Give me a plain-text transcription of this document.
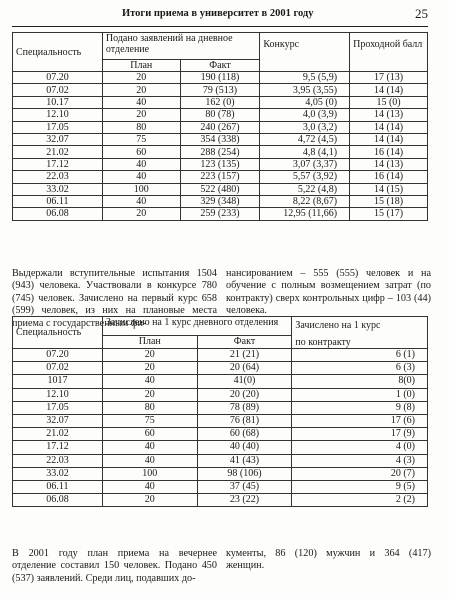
Итоги приема в университет в 2001 году	25
Специальность	Подано заявлений на дневное отделение		Конкурс	Проходной балл
	План	Факт		
07.20	20	190 (118)	9,5 (5,9)	17 (13)
07.02	20	79 (513)	3,95 (3,55)	14 (14)
10.17	40	162 (0)	4,05 (0)	15 (0)
12.10	20	80 (78)	4,0 (3,9)	14 (13)
17.05	80	240 (267)	3,0 (3,2)	14 (14)
32.07	75	354 (338)	4,72 (4,5)	14 (14)
21.02	60	288 (254)	4,8 (4,1)	16 (14)
17.12	40	123 (135)	3,07 (3,37)	14 (13)
22.03	40	223 (157)	5,57 (3,92)	16 (14)
33.02	100	522 (480)	5,22 (4,8)	14 (15)
06.11	40	329 (348)	8,22 (8,67)	15 (18)
06.08	20	259 (233)	12,95 (11,66)	15 (17)
Выдержали вступительные испытания 1504 (943) человека. Участвовали в конкурсе 780 (745) человек. Зачислено на первый курс 658 (599) человек, из них на плановые места приема с государственным фи-
нансированием – 555 (555) человек и на обучение с полным возмещением затрат (по контракту) сверх контрольных цифр – 103 (44) человека.
Специальность	Зачислено на 1 курс дневного отделения		Зачислено на 1 курс
по контракту

	План	Факт	
07.20	20	21 (21)	6 (1)
07.02	20	20 (64)	6 (3)
1017	40	41(0)	8(0)
12.10	20	20 (20)	1 (0)
17.05	80	78 (89)	9 (8)
32.07	75	76 (81)	17 (6)
21.02	60	60 (68)	17 (9)
17.12	40	40 (40)	4 (0)
22.03	40	41 (43)	4 (3)
33.02	100	98 (106)	20 (7)
06.11	40	37 (45)	9 (5)
06.08	20	23 (22)	2 (2)
В 2001 году план приема на вечернее отделение составил 150 человек. Подано 450 (537) заявлений. Среди лиц, подавших до-
кументы, 86 (120) мужчин и 364 (417) женщин.
